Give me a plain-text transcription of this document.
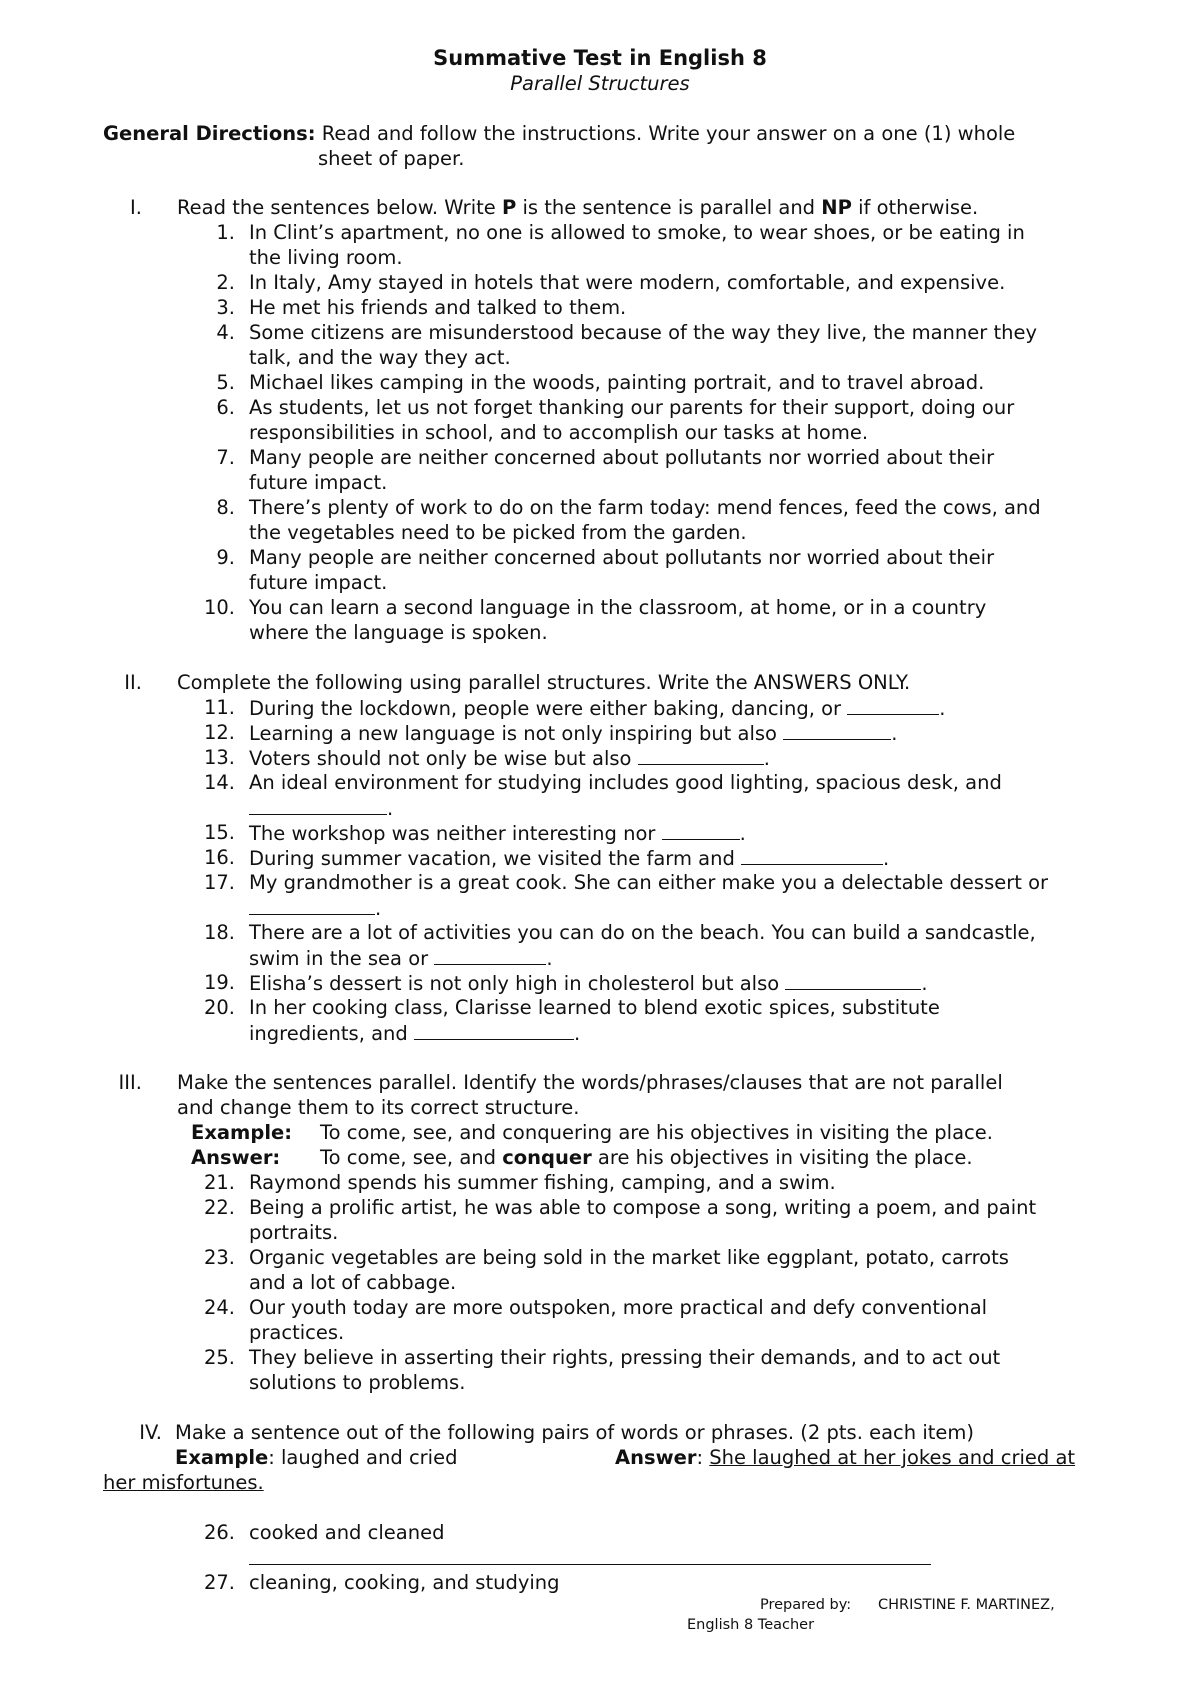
Summative Test in English 8
Parallel Structures
General Directions: Read and follow the instructions. Write your answer on a one (1) whole
sheet of paper.
I. Read the sentences below. Write P is the sentence is parallel and NP if otherwise.
1. In Clint’s apartment, no one is allowed to smoke, to wear shoes, or be eating in
the living room.
2. In Italy, Amy stayed in hotels that were modern, comfortable, and expensive.
3. He met his friends and talked to them.
4. Some citizens are misunderstood because of the way they live, the manner they
talk, and the way they act.
5. Michael likes camping in the woods, painting portrait, and to travel abroad.
6. As students, let us not forget thanking our parents for their support, doing our
responsibilities in school, and to accomplish our tasks at home.
7. Many people are neither concerned about pollutants nor worried about their
future impact.
8. There’s plenty of work to do on the farm today: mend fences, feed the cows, and
the vegetables need to be picked from the garden.
9. Many people are neither concerned about pollutants nor worried about their
future impact.
10. You can learn a second language in the classroom, at home, or in a country
where the language is spoken.
II. Complete the following using parallel structures. Write the ANSWERS ONLY.
11. During the lockdown, people were either baking, dancing, or	.
12. Learning a new language is not only inspiring but also	.
13. Voters should not only be wise but also	.
14. An ideal environment for studying includes good lighting, spacious desk, and
.
15. The workshop was neither interesting nor	.
16. During summer vacation, we visited the farm and	.
17. My grandmother is a great cook. She can either make you a delectable dessert or
.
18. There are a lot of activities you can do on the beach. You can build a sandcastle,
swim in the sea or	.
19. Elisha’s dessert is not only high in cholesterol but also	.
20. In her cooking class, Clarisse learned to blend exotic spices, substitute
ingredients, and	.
III. Make the sentences parallel. Identify the words/phrases/clauses that are not parallel
and change them to its correct structure.
Example: To come, see, and conquering are his objectives in visiting the place.
Answer: To come, see, and conquer are his objectives in visiting the place.
21. Raymond spends his summer fishing, camping, and a swim.
22. Being a prolific artist, he was able to compose a song, writing a poem, and paint
portraits.
23. Organic vegetables are being sold in the market like eggplant, potato, carrots
and a lot of cabbage.
24. Our youth today are more outspoken, more practical and defy conventional
practices.
25. They believe in asserting their rights, pressing their demands, and to act out
solutions to problems.
IV. Make a sentence out of the following pairs of words or phrases. (2 pts. each item)
Example: laughed and cried	Answer: She laughed at her jokes and cried at
her misfortunes.
26. cooked and cleaned
27. cleaning, cooking, and studying
Prepared by: CHRISTINE F. MARTINEZ,
English 8 Teacher
